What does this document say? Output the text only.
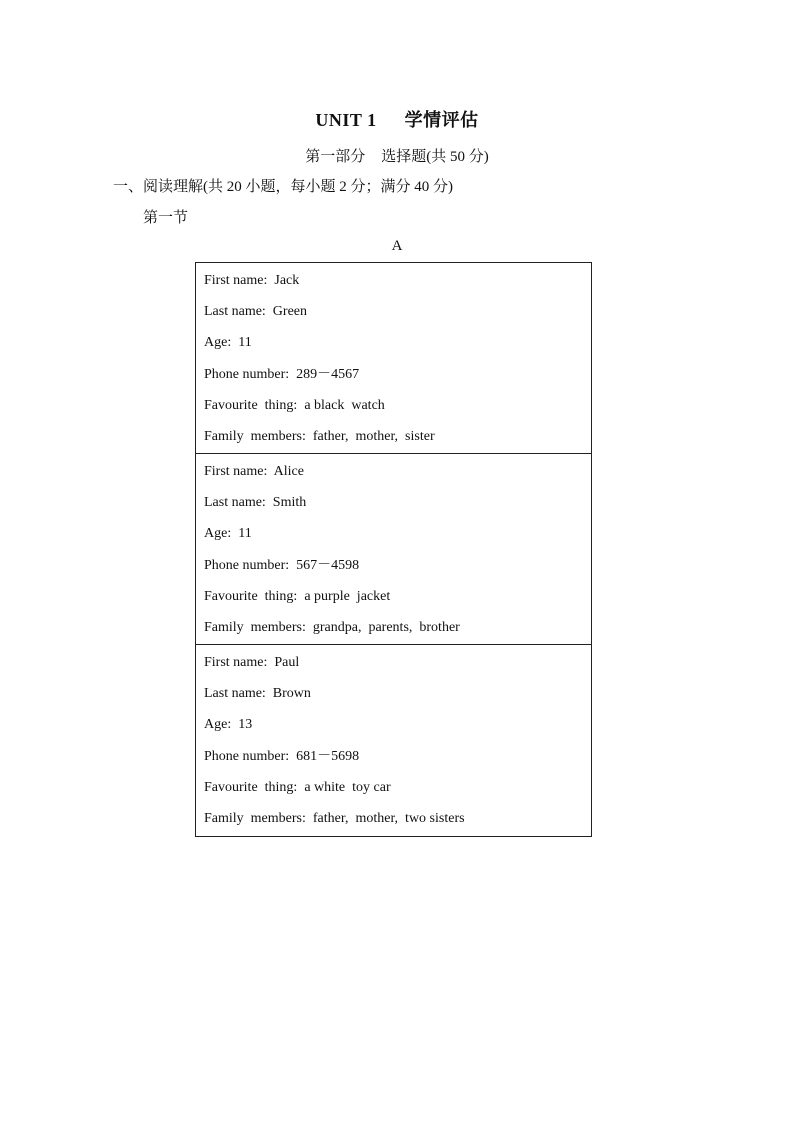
UNIT 1 学情评估
第一部分 选择题(共 50 分)
一、阅读理解(共 20 小题，每小题 2 分；满分 40 分)
第一节
A
First name:  Jack
Last name:  Green
Age:  11
Phone number:  289－4567
Favourite  thing:  a black  watch
Family  members:  father,  mother,  sister
First name:  Alice
Last name:  Smith
Age:  11
Phone number:  567－4598
Favourite  thing:  a purple  jacket
Family  members:  grandpa,  parents,  brother
First name:  Paul
Last name:  Brown
Age:  13
Phone number:  681－5698
Favourite  thing:  a white  toy car
Family  members:  father,  mother,  two sisters
